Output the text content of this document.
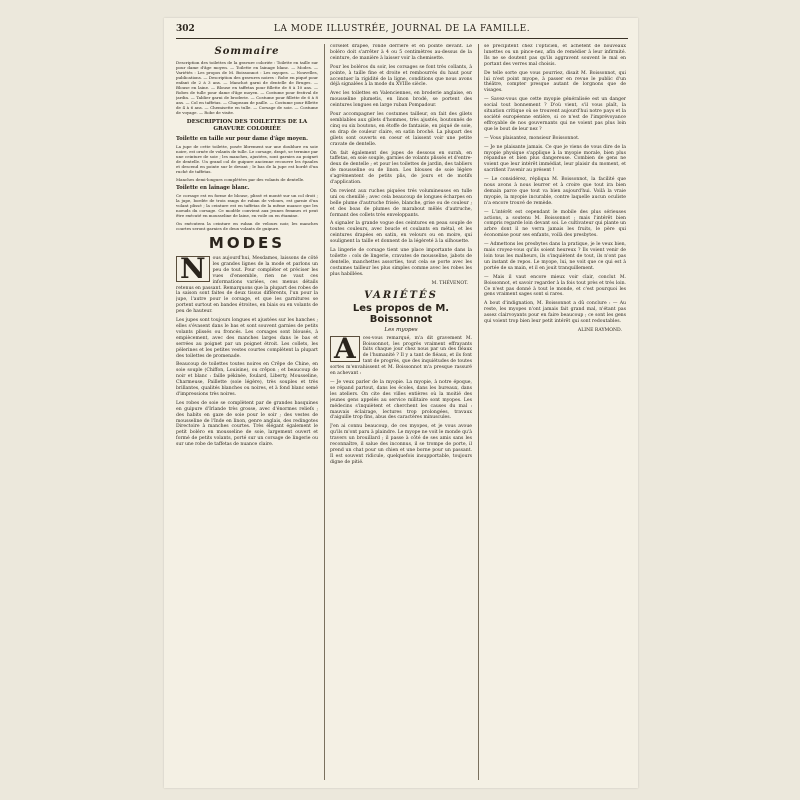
302	LA MODE ILLUSTRÉE, JOURNAL DE LA FAMILLE.
Sommaire

Description des toilettes de la gravure coloriée : Toilette en taille sur pour dame d'âge moyen. — Toilette en lainage blanc. — Modes. — Variétés : Les propos de M. Boissonnot : Les myopes. — Nouvelles, publications. — Description des gravures noires : Robe en piqué pour enfant de 2 à 3 ans. — Manchot garni de dentelle de Bruges. — Blouse en laine. — Blouse en taffetas pour fillette de 8 à 10 ans. — Robes de tulle pour dame d'âge moyen. — Costume pour festival de jardin. — Tablier garni de broderie. — Costume pour fillette de 6 à 8 ans. — Col en taffetas. — Chapeaux de paille. — Costume pour fillette de 4 à 6 ans. — Chemisette en tulle. — Corsage de soie. — Costume de voyage. — Robe de visite.

DESCRIPTION DES TOILETTES DE LA GRAVURE COLORIÉE
Toilette en taille sur pour dame d'âge moyen.

La jupe de cette toilette, posée librement sur une doublure en soie noire, est ornée de volants de tulle. Le corsage, drapé, se termine par une ceinture de soie ; les manches, ajustées, sont garnies au poignet de dentelle. Un grand col de guipure ancienne recouvre les épaules et descend en pointe sur le devant ; le bas de la jupe est bordé d'un ruché de taffetas.

Manches demi-longues complétées par des volants de dentelle.

Toilette en lainage blanc.

Ce corsage est en forme de blouse, plissé et monté sur un col droit ; la jupe, bordée de trois rangs de ruban de velours, est garnie d'un volant plissé ; la ceinture est en taffetas de la même nuance que les noeuds du corsage. Ce modèle convient aux jeunes femmes et peut être exécuté en mousseline de laine, en voile ou en étamine.

On exécutera la ceinture en ruban de velours noir, les manches courtes seront garnies de deux volants de guipure.

MODES

N	ous aujourd'hui, Mesdames, laissons de côté les grandes lignes de la mode et parlons un peu de tout. Pour compléter et préciser les vues d'ensemble, rien ne vaut ces informations variées, ces menus détails retenus en passant. Remarquons que la plupart des robes de la saison sont faites de deux tissus différents, l'un pour la jupe, l'autre pour le corsage, et que les garnitures se portent surtout en bandes étroites, en biais ou en volants de peu de hauteur.

Les jupes sont toujours longues et ajustées sur les hanches ; elles s'évasent dans le bas et sont souvent garnies de petits volants plissés ou froncés. Les corsages sont blousés, à empiècement, avec des manches larges dans le bas et serrées au poignet par un poignet étroit. Les collets, les pèlerines et les petites vestes courtes complètent la plupart des toilettes de promenade.

Beaucoup de toilettes toutes noires en Crêpe de Chine, en soie souple (Chiffon, Louisine), ou crêpon ; et beaucoup de noir et blanc : faille pékinée, foulard, Liberty, Mousseline, Charmeuse, Paillette (soie légère), très souples et très brillantes, qualités blanches ou noires, et à fond blanc semé d'impressions très noires.

Les robes de soie se complètent par de grandes basquines en guipure d'Irlande très grosse, avec d'énormes reliefs ; des habits en gaze de soie pour le soir ; des vestes de mousseline de l'Inde en linon, genre anglais, des redingotes Directoire à manches courtes. Très élégant également le petit boléro en mousseline de soie, largement ouvert et formé de petits volants, porté sur un corsage de lingerie ou sur une robe de taffetas de nuance claire.

corselet drapée, ronde derrière et en pointe devant. Le boléro doit s'arrêter à 4 ou 5 centimètres au-dessus de la ceinture, de manière à laisser voir la chemisette.

Pour les boléros du soir, les corsages se font très collants, à pointe, à taille fine et droite et rembourrés du haut pour accentuer la rigidité de la ligne, conditions que nous avons déjà signalées à la mode du XVIIIe siècle.

Avec les toilettes en Valenciennes, en broderie anglaise, en mousseline plumetis, en linon brodé, se portent des ceintures longues en large ruban Pompadour.

Pour accompagner les costumes tailleur, on fait des gilets semblables aux gilets d'hommes, très ajustés, boutonnés de cinq ou six boutons, en étoffe de fantaisie, en piqué de soie, en drap de couleur claire, en satin broché. La plupart des gilets sont ouverts en coeur et laissent voir une petite cravate de dentelle.

On fait également des jupes de dessous en surah, en taffetas, en soie souple, garnies de volants plissés et d'entre-deux de dentelle ; et pour les toilettes de jardin, des tabliers de mousseline ou de linon. Les blouses de soie légère s'agrémentent de petits plis, de jours et de motifs d'application.

On revient aux ruches piquées trés volumineuses en tulle uni ou chenillé ; avec cela beaucoup de longues écharpes en belle plume d'autruche frisée, blanche, grise ou de couleur ; et des boas de plumes de marabout mêlés d'autruche, formant des collets très enveloppants.

A signaler la grande vogue des ceintures en peau souple de toutes couleurs, avec boucle et coulants en métal, et les ceintures drapées en satin, en velours ou en moire, qui soulignent la taille et donnent de la légèreté à la silhouette.

La lingerie de corsage tient une place importante dans la toilette : cols de lingerie, cravates de mousseline, jabots de dentelle, manchettes assorties, tout cela se porte avec les costumes tailleur les plus simples comme avec les robes les plus habillées.

M. THÉVENOT.
VARIÉTÉS
Les propos de M. Boissonnot
Les myopes

A	ces-vous remarqué, m'a dit gravement M. Boissonnot, les progrès vraiment effrayants faits chaque jour chez nous par un des fléaux de l'humanité ? Il y a tant de fléaux, et ils font tant de progrès, que des inquiétudes de toutes sortes m'envahissent et M. Boissonnot m'a presque rassuré en achevant :

— Je veux parler de la myopie. La myopie, à notre époque, se répand partout, dans les écoles, dans les bureaux, dans les ateliers. On cite des villes entières où la moitié des jeunes gens appelés au service militaire sont myopes. Les médecins s'inquiètent et cherchent les causes du mal : mauvais éclairage, lectures trop prolongées, travaux d'aiguille trop fins, abus des caractères minuscules.

J'en ai connu beaucoup, de ces myopes, et je vous avoue qu'ils m'ont paru à plaindre. Le myope ne voit le monde qu'à travers un brouillard ; il passe à côté de ses amis sans les reconnaître, il salue des inconnus, il se trompe de porte, il prend un chat pour un chien et une borne pour un passant. Il est souvent ridicule, quelquefois insupportable, toujours digne de pitié.

se précipitent chez l'opticien, et achètent de nouveaux lunettes ou un pince-nez, afin de remédier à leur infirmité. Ils ne se doutent pas qu'ils aggravent souvent le mal en portant des verres mal choisis.

De telle sorte que vous pourriez, disait M. Boissonnot, qui lui n'est point myope, à passer en revue le public d'un théâtre, compter presque autant de lorgnons que de visages.

— Savez-vous que cette myopie généralisée est un danger social tout bonnement ? D'où vient, s'il vous plaît, la situation critique où se trouvent aujourd'hui notre pays et la société européenne entière, si ce n'est de l'imprévoyance effroyable de nos gouvernants qui ne voient pas plus loin que le bout de leur nez ?

— Vous plaisantez, monsieur Boissonnot.

— Je ne plaisante jamais. Ce que je viens de vous dire de la myopie physique s'applique à la myopie morale, bien plus répandue et bien plus dangereuse. Combien de gens ne voient que leur intérêt immédiat, leur plaisir du moment, et sacrifient l'avenir au présent !

— Le considérez, répliqua M. Boissonnot, la facilité que nous avons à nous leurrer et à croire que tout ira bien demain parce que tout va bien aujourd'hui. Voilà la vraie myopie, la myopie incurable, contre laquelle aucun oculiste n'a encore trouvé de remède.

— L'intérêt est cependant le mobile des plus sérieuses actions, a soutenu M. Boissonnot ; mais l'intérêt bien compris regarde loin devant soi. Le cultivateur qui plante un arbre dont il ne verra jamais les fruits, le père qui économise pour ses enfants, voilà des presbytes.

— Admettons les presbytes dans la pratique, je le veux bien, mais croyez-vous qu'ils soient heureux ? Ils voient venir de loin tous les malheurs, ils s'inquiètent de tout, ils n'ont pas un instant de repos. Le myope, lui, ne voit que ce qui est à portée de sa main, et il en jouit tranquillement.

— Mais il vaut encore mieux voir clair, conclut M. Boissonnot, et savoir regarder à la fois tout près et très loin. Ce n'est pas donné à tout le monde, et c'est pourquoi les gens vraiment sages sont si rares.

A bout d'indignation, M. Boissonnot a dû conclure : — Au reste, les myopes n'ont jamais fait grand mal, n'étant pas assez clairvoyants pour en faire beaucoup ; ce sont les gens qui voient trop bien leur petit intérêt qui sont redoutables.

ALINE RAYMOND.
